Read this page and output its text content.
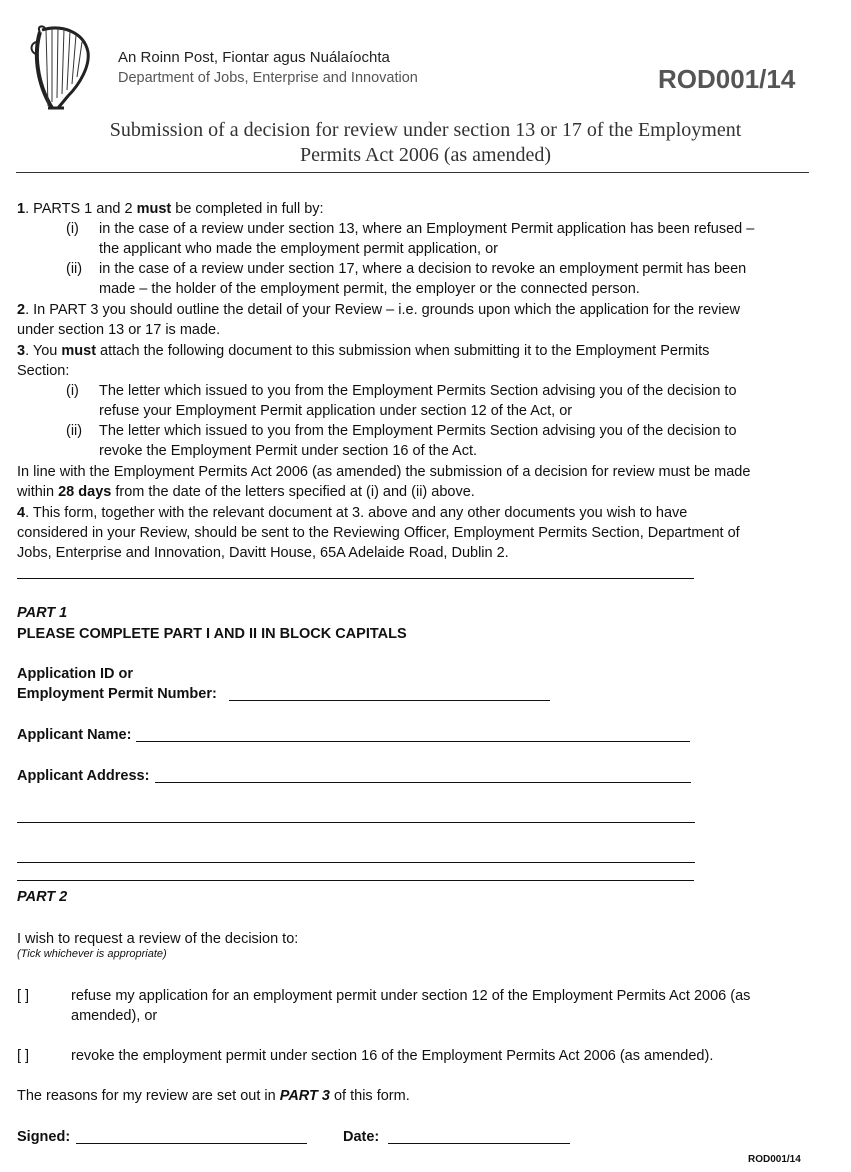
An Roinn Post, Fiontar agus Nuálaíochta
Department of Jobs, Enterprise and Innovation	ROD001/14
Submission of a decision for review under section 13 or 17 of the Employment
Permits Act 2006 (as amended)
1. PARTS 1 and 2 must be completed in full by:
(i) in the case of a review under section 13, where an Employment Permit application has been refused –
the applicant who made the employment permit application, or
(ii) in the case of a review under section 17, where a decision to revoke an employment permit has been
made – the holder of the employment permit, the employer or the connected person.
2. In PART 3 you should outline the detail of your Review – i.e. grounds upon which the application for the review
under section 13 or 17 is made.
3. You must attach the following document to this submission when submitting it to the Employment Permits
Section:
(i) The letter which issued to you from the Employment Permits Section advising you of the decision to
refuse your Employment Permit application under section 12 of the Act, or
(ii) The letter which issued to you from the Employment Permits Section advising you of the decision to
revoke the Employment Permit under section 16 of the Act.
In line with the Employment Permits Act 2006 (as amended) the submission of a decision for review must be made
within 28 days from the date of the letters specified at (i) and (ii) above.
4. This form, together with the relevant document at 3. above and any other documents you wish to have
considered in your Review, should be sent to the Reviewing Officer, Employment Permits Section, Department of
Jobs, Enterprise and Innovation, Davitt House, 65A Adelaide Road, Dublin 2.
PART 1
PLEASE COMPLETE PART I AND II IN BLOCK CAPITALS
Application ID or
Employment Permit Number:
Applicant Name:
Applicant Address:
PART 2
I wish to request a review of the decision to:
(Tick whichever is appropriate)
[ ]	refuse my application for an employment permit under section 12 of the Employment Permits Act 2006 (as
amended), or
[ ]	revoke the employment permit under section 16 of the Employment Permits Act 2006 (as amended).
The reasons for my review are set out in PART 3 of this form.
Signed:	Date:
ROD001/14
